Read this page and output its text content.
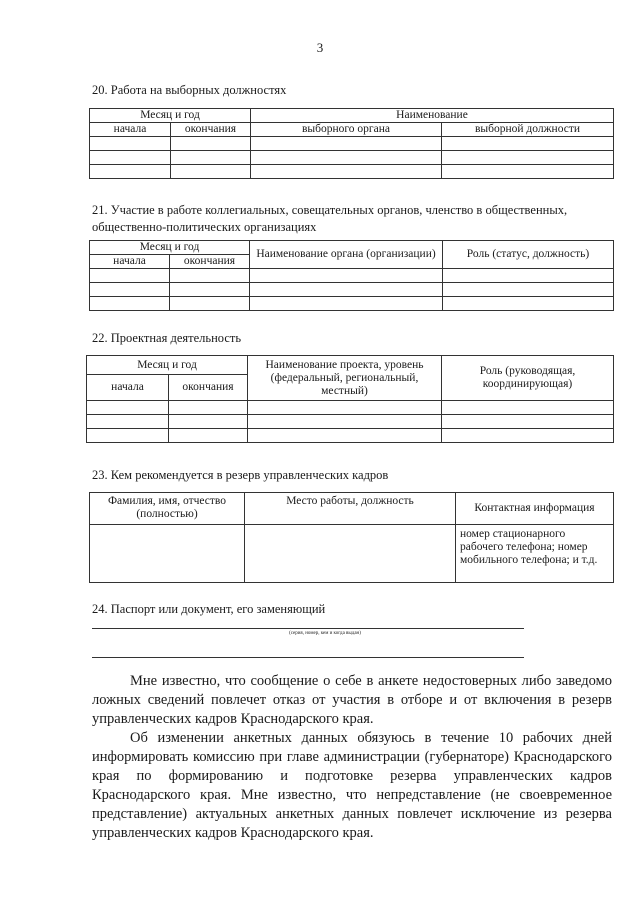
3
20. Работа на выборных должностях
Месяц и год		Наименование	
начала	окончания	выборного органа	выборной должности

21. Участие в работе коллегиальных, совещательных органов, членство в общественных, общественно-политических организациях
Месяц и год		Наименование органа (организации)	Роль (статус, должность)
начала	окончания		

22. Проектная деятельность
Месяц и год		Наименование проекта, уровень (федеральный, региональный, местный)	Роль (руководящая, координирующая)
начала	окончания		

23. Кем рекомендуется в резерв управленческих кадров
Фамилия, имя, отчество (полностью)	Место работы, должность	Контактная информация
		номер стационарного рабочего телефона; номер мобильного телефона; и т.д.
24. Паспорт или документ, его заменяющий
(серия, номер, кем и когда выдан)

Мне известно, что сообщение о себе в анкете недостоверных либо заведомо ложных сведений повлечет отказ от участия в отборе и от включения в резерв управленческих кадров Краснодарского края.

Об изменении анкетных данных обязуюсь в течение 10 рабочих дней информировать комиссию при главе администрации (губернаторе) Краснодарского края по формированию и подготовке резерва управленческих кадров Краснодарского края. Мне известно, что непредставление (не своевременное представление) актуальных анкетных данных повлечет исключение из резерва управленческих кадров Краснодарского края.
